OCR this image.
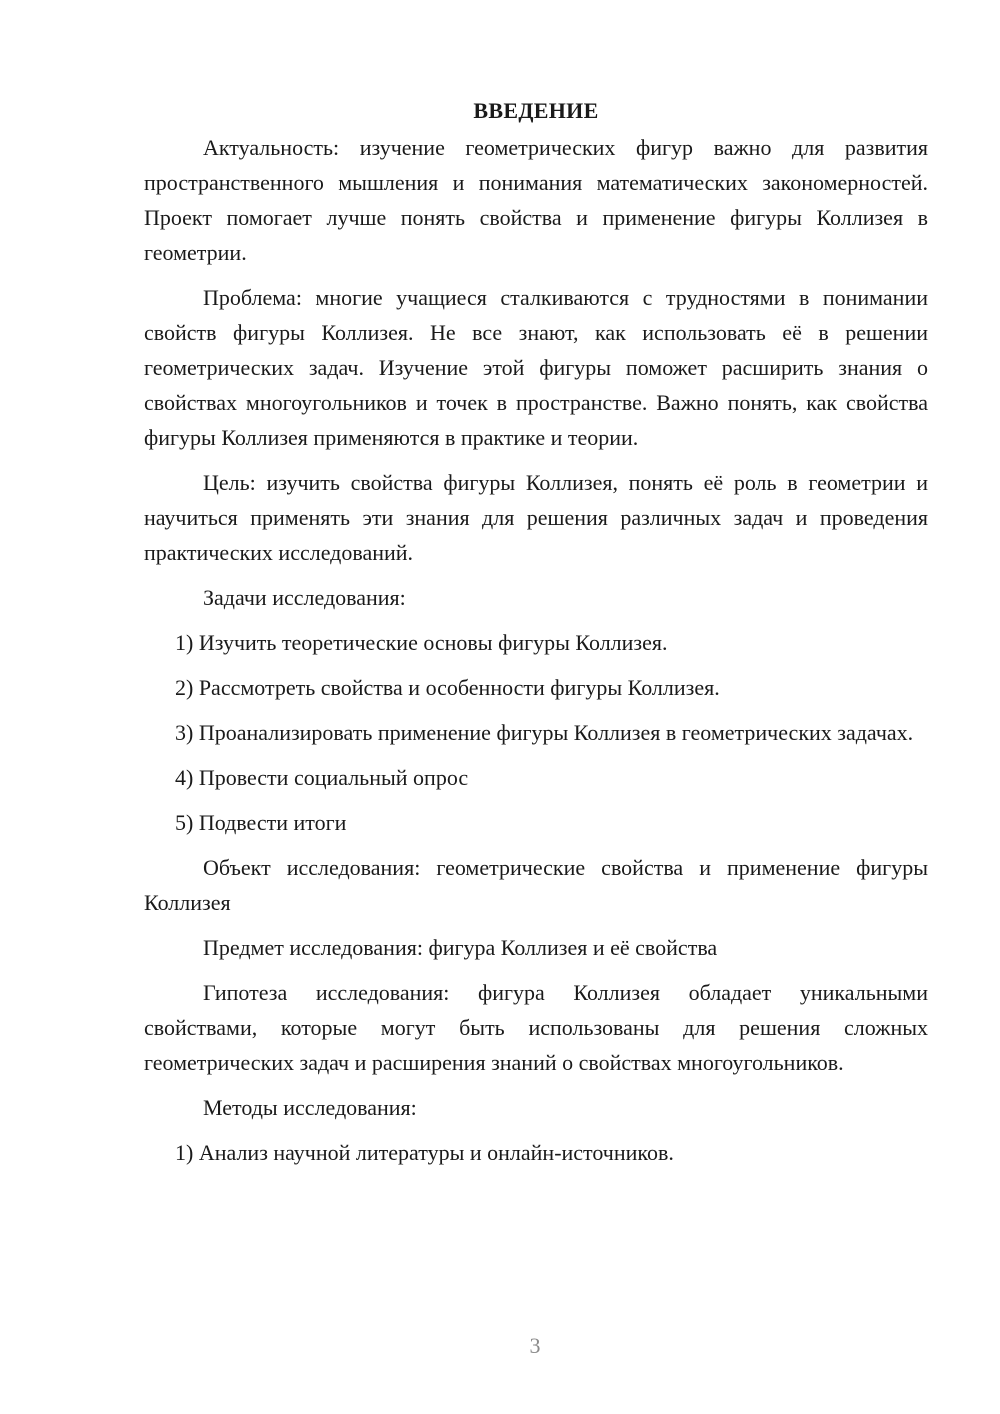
ВВЕДЕНИЕ

Актуальность: изучение геометрических фигур важно для развития пространственного мышления и понимания математических закономерностей. Проект помогает лучше понять свойства и применение фигуры Коллизея в геометрии.

Проблема: многие учащиеся сталкиваются с трудностями в понимании свойств фигуры Коллизея. Не все знают, как использовать её в решении геометрических задач. Изучение этой фигуры поможет расширить знания о свойствах многоугольников и точек в пространстве. Важно понять, как свойства фигуры Коллизея применяются в практике и теории.

Цель: изучить свойства фигуры Коллизея, понять её роль в геометрии и научиться применять эти знания для решения различных задач и проведения практических исследований.

Задачи исследования:

1) Изучить теоретические основы фигуры Коллизея.

2) Рассмотреть свойства и особенности фигуры Коллизея.

3) Проанализировать применение фигуры Коллизея в геометрических задачах.

4) Провести социальный опрос

5) Подвести итоги

Объект исследования: геометрические свойства и применение фигуры Коллизея

Предмет исследования: фигура Коллизея и её свойства

Гипотеза исследования: фигура Коллизея обладает уникальными свойствами, которые могут быть использованы для решения сложных геометрических задач и расширения знаний о свойствах многоугольников.

Методы исследования:

1) Анализ научной литературы и онлайн-источников.

3
